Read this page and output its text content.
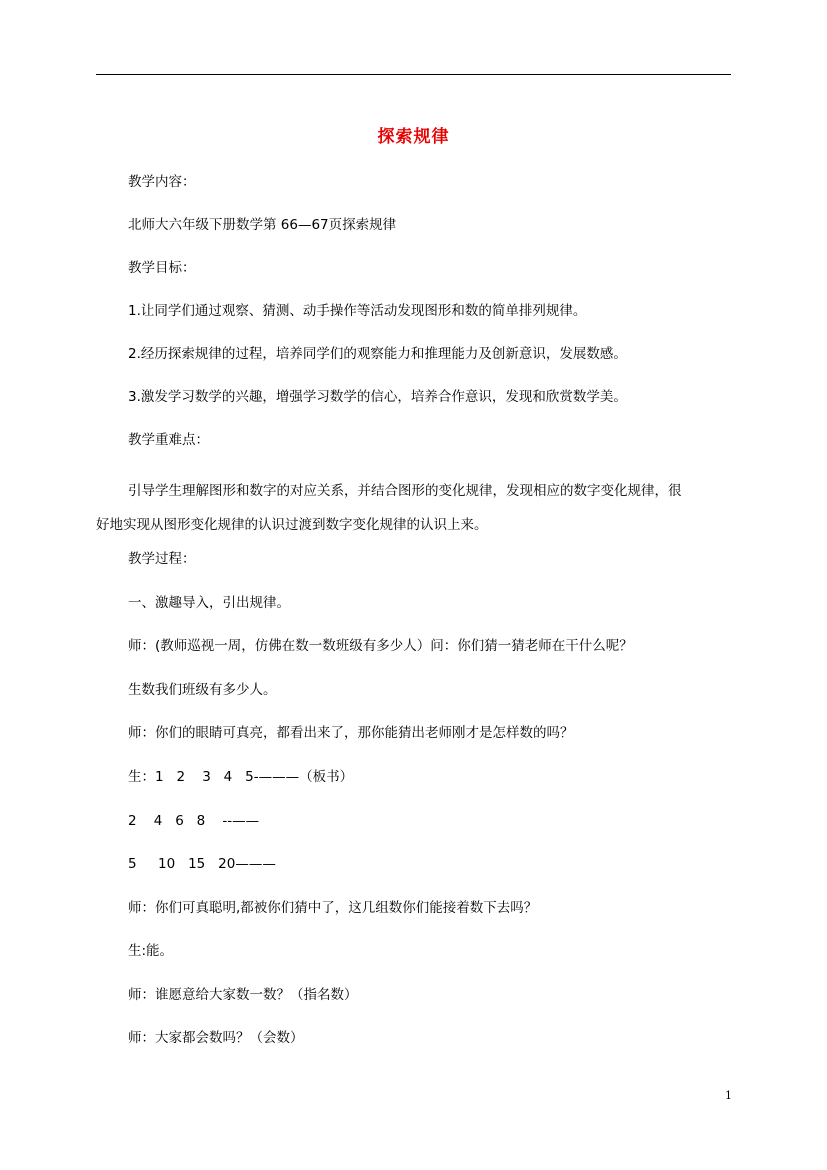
探索规律
教学内容：
北师大六年级下册数学第 66—67页探索规律
教学目标：
1.让同学们通过观察、猜测、动手操作等活动发现图形和数的简单排列规律。
2.经历探索规律的过程，培养同学们的观察能力和推理能力及创新意识，发展数感。
3.激发学习数学的兴趣，增强学习数学的信心，培养合作意识，发现和欣赏数学美。
教学重难点：
引导学生理解图形和数字的对应关系，并结合图形的变化规律，发现相应的数字变化规律，很
好地实现从图形变化规律的认识过渡到数字变化规律的认识上来。
教学过程：
一、激趣导入，引出规律。
师：(教师巡视一周，仿佛在数一数班级有多少人）问：你们猜一猜老师在干什么呢？
生数我们班级有多少人。
师：你们的眼睛可真亮，都看出来了，那你能猜出老师刚才是怎样数的吗？
生：1   2    3   4   5-———（板书）
2    4   6   8    --——
5     10   15   20———
师：你们可真聪明,都被你们猜中了，这几组数你们能接着数下去吗？
生:能。
师：谁愿意给大家数一数？（指名数）
师：大家都会数吗？（会数）
1
